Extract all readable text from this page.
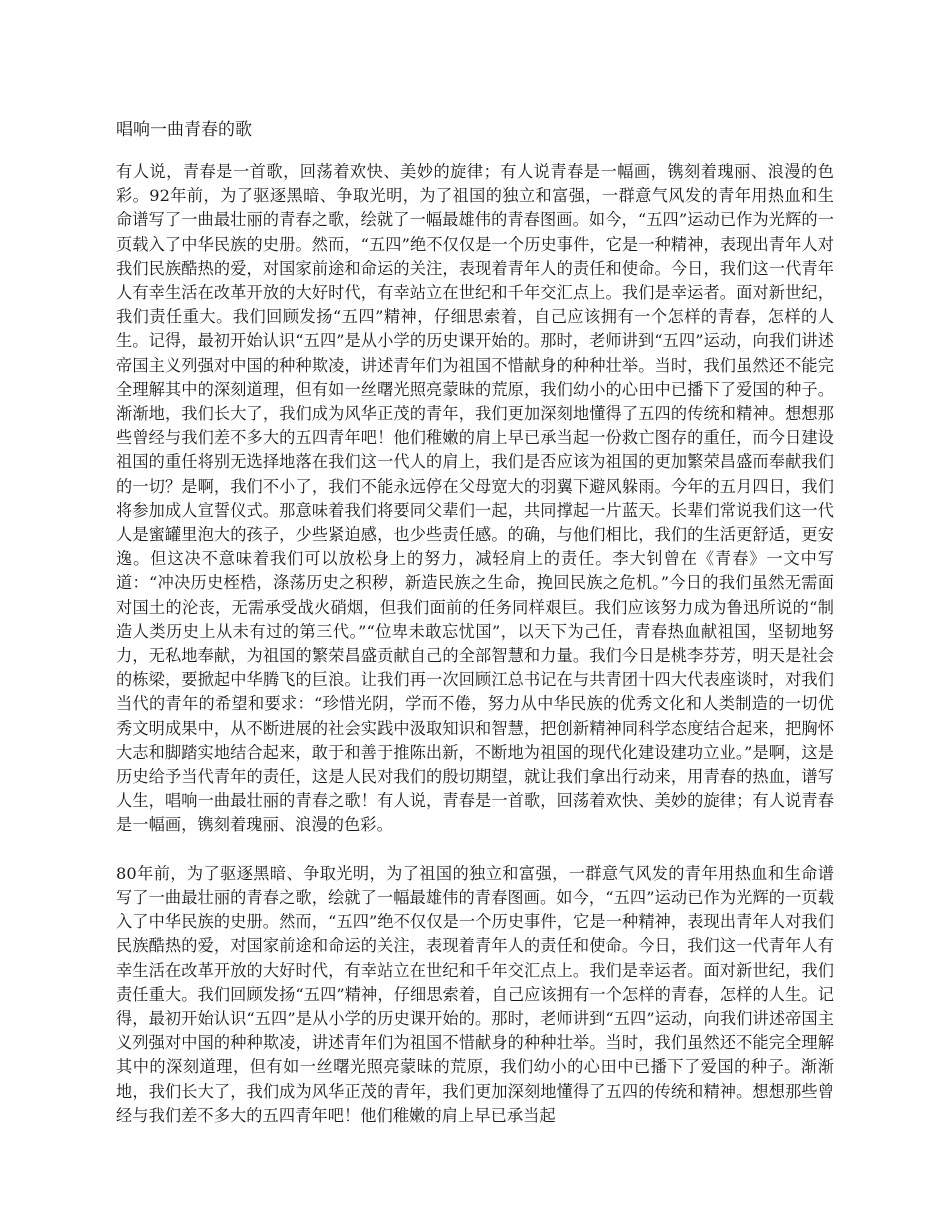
唱响一曲青春的歌

有人说，青春是一首歌，回荡着欢快、美妙的旋律；有人说青春是一幅画，镌刻着瑰丽、浪漫的色彩。92年前，为了驱逐黑暗、争取光明，为了祖国的独立和富强，一群意气风发的青年用热血和生命谱写了一曲最壮丽的青春之歌，绘就了一幅最雄伟的青春图画。如今，“五四”运动已作为光辉的一页载入了中华民族的史册。然而，“五四”绝不仅仅是一个历史事件，它是一种精神，表现出青年人对我们民族酷热的爱，对国家前途和命运的关注，表现着青年人的责任和使命。今日，我们这一代青年人有幸生活在改革开放的大好时代，有幸站立在世纪和千年交汇点上。我们是幸运者。面对新世纪，我们责任重大。我们回顾发扬“五四”精神，仔细思索着，自己应该拥有一个怎样的青春，怎样的人生。记得，最初开始认识“五四”是从小学的历史课开始的。那时，老师讲到“五四”运动，向我们讲述帝国主义列强对中国的种种欺凌，讲述青年们为祖国不惜献身的种种壮举。当时，我们虽然还不能完全理解其中的深刻道理，但有如一丝曙光照亮蒙昧的荒原，我们幼小的心田中已播下了爱国的种子。渐渐地，我们长大了，我们成为风华正茂的青年，我们更加深刻地懂得了五四的传统和精神。想想那些曾经与我们差不多大的五四青年吧！他们稚嫩的肩上早已承当起一份救亡图存的重任，而今日建设祖国的重任将别无选择地落在我们这一代人的肩上，我们是否应该为祖国的更加繁荣昌盛而奉献我们的一切？是啊，我们不小了，我们不能永远停在父母宽大的羽翼下避风躲雨。今年的五月四日，我们将参加成人宣誓仪式。那意味着我们将要同父辈们一起，共同撑起一片蓝天。长辈们常说我们这一代人是蜜罐里泡大的孩子，少些紧迫感，也少些责任感。的确，与他们相比，我们的生活更舒适，更安逸。但这决不意味着我们可以放松身上的努力，减轻肩上的责任。李大钊曾在《青春》一文中写道：“冲决历史桎梏，涤荡历史之积秽，新造民族之生命，挽回民族之危机。”今日的我们虽然无需面对国土的沦丧，无需承受战火硝烟，但我们面前的任务同样艰巨。我们应该努力成为鲁迅所说的“制造人类历史上从未有过的第三代。”“位卑未敢忘忧国”，以天下为己任，青春热血献祖国，坚韧地努力，无私地奉献，为祖国的繁荣昌盛贡献自己的全部智慧和力量。我们今日是桃李芬芳，明天是社会的栋梁，要掀起中华腾飞的巨浪。让我们再一次回顾江总书记在与共青团十四大代表座谈时，对我们当代的青年的希望和要求：“珍惜光阴，学而不倦，努力从中华民族的优秀文化和人类制造的一切优秀文明成果中，从不断进展的社会实践中汲取知识和智慧，把创新精神同科学态度结合起来，把胸怀大志和脚踏实地结合起来，敢于和善于推陈出新，不断地为祖国的现代化建设建功立业。”是啊，这是历史给予当代青年的责任，这是人民对我们的殷切期望，就让我们拿出行动来，用青春的热血，谱写人生，唱响一曲最壮丽的青春之歌！有人说，青春是一首歌，回荡着欢快、美妙的旋律；有人说青春是一幅画，镌刻着瑰丽、浪漫的色彩。

80年前，为了驱逐黑暗、争取光明，为了祖国的独立和富强，一群意气风发的青年用热血和生命谱写了一曲最壮丽的青春之歌，绘就了一幅最雄伟的青春图画。如今，“五四”运动已作为光辉的一页载入了中华民族的史册。然而，“五四”绝不仅仅是一个历史事件，它是一种精神，表现出青年人对我们民族酷热的爱，对国家前途和命运的关注，表现着青年人的责任和使命。今日，我们这一代青年人有幸生活在改革开放的大好时代，有幸站立在世纪和千年交汇点上。我们是幸运者。面对新世纪，我们责任重大。我们回顾发扬“五四”精神，仔细思索着，自己应该拥有一个怎样的青春，怎样的人生。记得，最初开始认识“五四”是从小学的历史课开始的。那时，老师讲到“五四”运动，向我们讲述帝国主义列强对中国的种种欺凌，讲述青年们为祖国不惜献身的种种壮举。当时，我们虽然还不能完全理解其中的深刻道理，但有如一丝曙光照亮蒙昧的荒原，我们幼小的心田中已播下了爱国的种子。渐渐地，我们长大了，我们成为风华正茂的青年，我们更加深刻地懂得了五四的传统和精神。想想那些曾经与我们差不多大的五四青年吧！他们稚嫩的肩上早已承当起
